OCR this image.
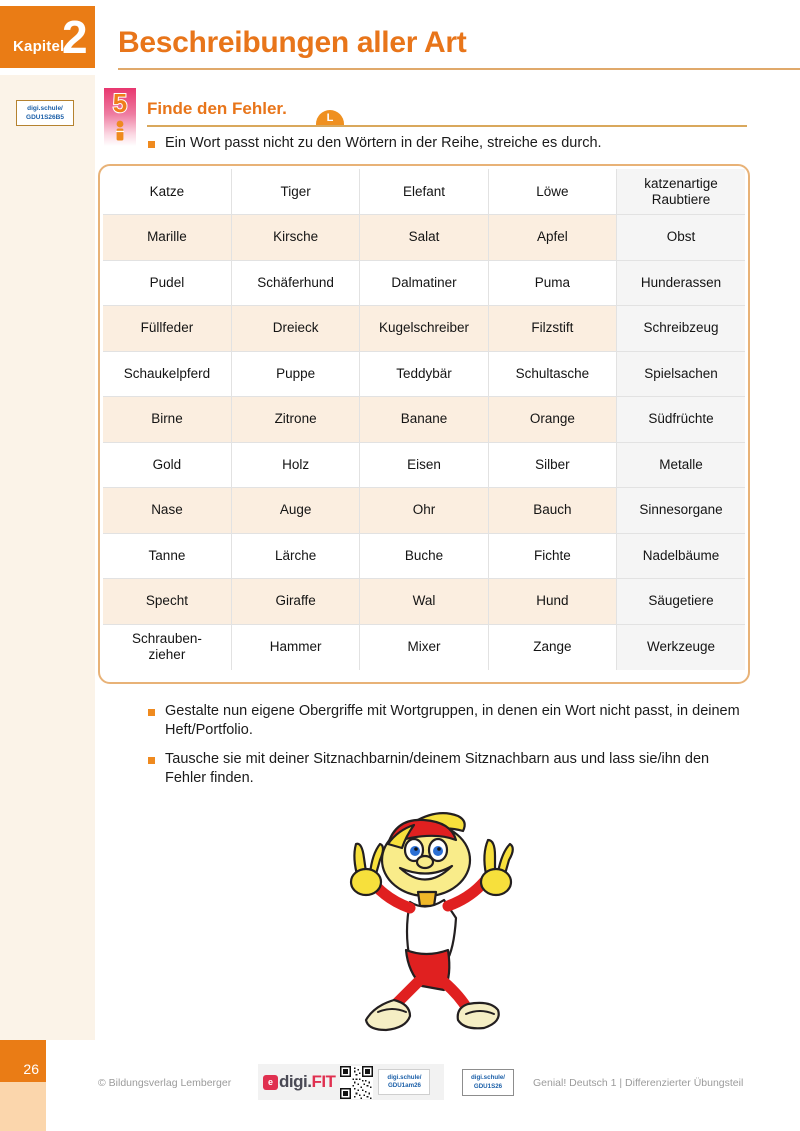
Kapitel
2 Beschreibungen aller Art
digi.schule/
GDU1S26B5
26
5	Finde den Fehler.	L
Ein Wort passt nicht zu den Wörtern in der Reihe, streiche es durch.
Katze	Tiger	Elefant	Löwe	katzenartige Raubtiere
Marille	Kirsche	Salat	Apfel	Obst
Pudel	Schäferhund	Dalmatiner	Puma	Hunderassen
Füllfeder	Dreieck	Kugelschreiber	Filzstift	Schreibzeug
Schaukelpferd	Puppe	Teddybär	Schultasche	Spielsachen
Birne	Zitrone	Banane	Orange	Südfrüchte
Gold	Holz	Eisen	Silber	Metalle
Nase	Auge	Ohr	Bauch	Sinnesorgane
Tanne	Lärche	Buche	Fichte	Nadelbäume
Specht	Giraffe	Wal	Hund	Säugetiere
Schrauben-
zieher	Hammer	Mixer	Zange	Werkzeuge
Gestalte nun eigene Obergriffe mit Wortgruppen, in denen ein Wort nicht passt, in deinem Heft/Portfolio.
Tausche sie mit deiner Sitznachbarnin/deinem Sitznachbarn aus und lass sie/ihn den Fehler finden.
© Bildungsverlag Lemberger	e digi.FIT	digi.schule/
GDU1am26
digi.schule/
GDU1S26	Genial! Deutsch 1 | Differenzierter Übungsteil
